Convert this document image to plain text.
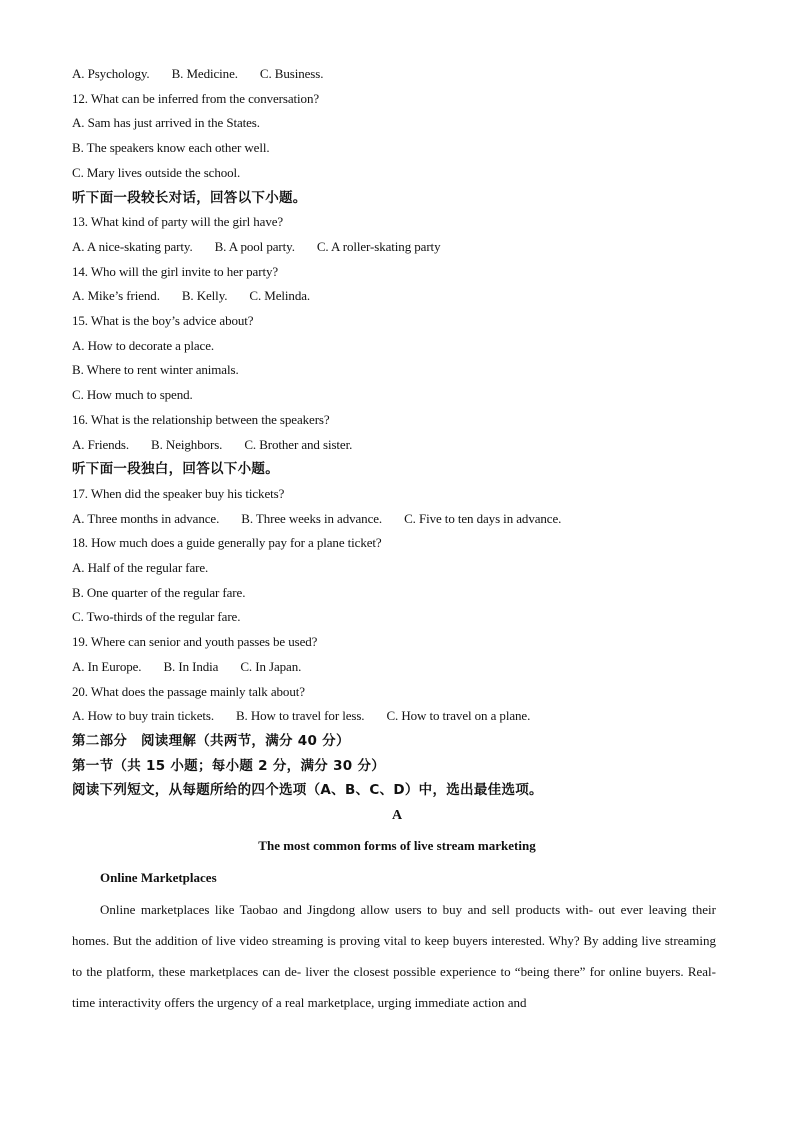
A. Psychology. B. Medicine. C. Business.
12. What can be inferred from the conversation?
A. Sam has just arrived in the States.
B. The speakers know each other well.
C. Mary lives outside the school.
听下面一段较长对话，回答以下小题。
13. What kind of party will the girl have?
A. A nice-skating party. B. A pool party. C. A roller-skating party
14. Who will the girl invite to her party?
A. Mike’s friend. B. Kelly. C. Melinda.
15. What is the boy’s advice about?
A. How to decorate a place.
B. Where to rent winter animals.
C. How much to spend.
16. What is the relationship between the speakers?
A. Friends. B. Neighbors. C. Brother and sister.
听下面一段独白，回答以下小题。
17. When did the speaker buy his tickets?
A. Three months in advance. B. Three weeks in advance. C. Five to ten days in advance.
18. How much does a guide generally pay for a plane ticket?
A. Half of the regular fare.
B. One quarter of the regular fare.
C. Two-thirds of the regular fare.
19. Where can senior and youth passes be used?
A. In Europe. B. In India C. In Japan.
20. What does the passage mainly talk about?
A. How to buy train tickets. B. How to travel for less. C. How to travel on a plane.
第二部分　阅读理解（共两节，满分 40 分）
第一节（共 15 小题；每小题 2 分，满分 30 分）
阅读下列短文，从每题所给的四个选项（A、B、C、D）中，选出最佳选项。
A
The most common forms of live stream marketing
Online Marketplaces
Online marketplaces like Taobao and Jingdong allow users to buy and sell products with- out ever leaving their homes. But the addition of live video streaming is proving vital to keep buyers interested. Why? By adding live streaming to the platform, these marketplaces can de- liver the closest possible experience to “being there” for online buyers. Real-time interactivity offers the urgency of a real marketplace, urging immediate action and
